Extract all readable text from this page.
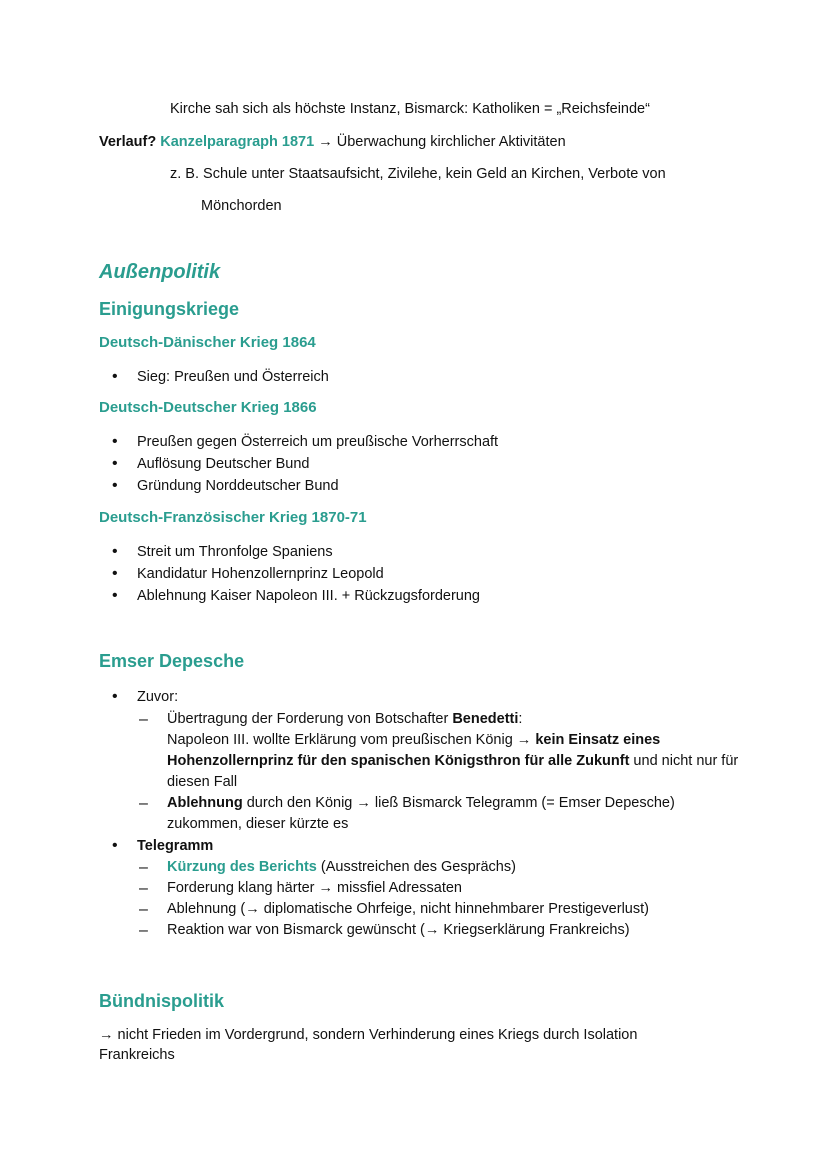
Kirche sah sich als höchste Instanz, Bismarck: Katholiken = „Reichsfeinde“
Verlauf? Kanzelparagraph 1871 → Überwachung kirchlicher Aktivitäten
z. B. Schule unter Staatsaufsicht, Zivilehe, kein Geld an Kirchen, Verbote von
Mönchorden
Außenpolitik
Einigungskriege
Deutsch-Dänischer Krieg 1864
• Sieg: Preußen und Österreich
Deutsch-Deutscher Krieg 1866
• Preußen gegen Österreich um preußische Vorherrschaft
• Auflösung Deutscher Bund
• Gründung Norddeutscher Bund
Deutsch-Französischer Krieg 1870-71
• Streit um Thronfolge Spaniens
• Kandidatur Hohenzollernprinz Leopold
• Ablehnung Kaiser Napoleon III. + Rückzugsforderung
Emser Depesche
• Zuvor:
– Übertragung der Forderung von Botschafter Benedetti:
Napoleon III. wollte Erklärung vom preußischen König → kein Einsatz eines Hohenzollernprinz für den spanischen Königsthron für alle Zukunft und nicht nur für diesen Fall
– Ablehnung durch den König → ließ Bismarck Telegramm (= Emser Depesche) zukommen, dieser kürzte es
• Telegramm
– Kürzung des Berichts (Ausstreichen des Gesprächs)
– Forderung klang härter → missfiel Adressaten
– Ablehnung (→ diplomatische Ohrfeige, nicht hinnehmbarer Prestigeverlust)
– Reaktion war von Bismarck gewünscht (→ Kriegserklärung Frankreichs)
Bündnispolitik
→ nicht Frieden im Vordergrund, sondern Verhinderung eines Kriegs durch Isolation Frankreichs
